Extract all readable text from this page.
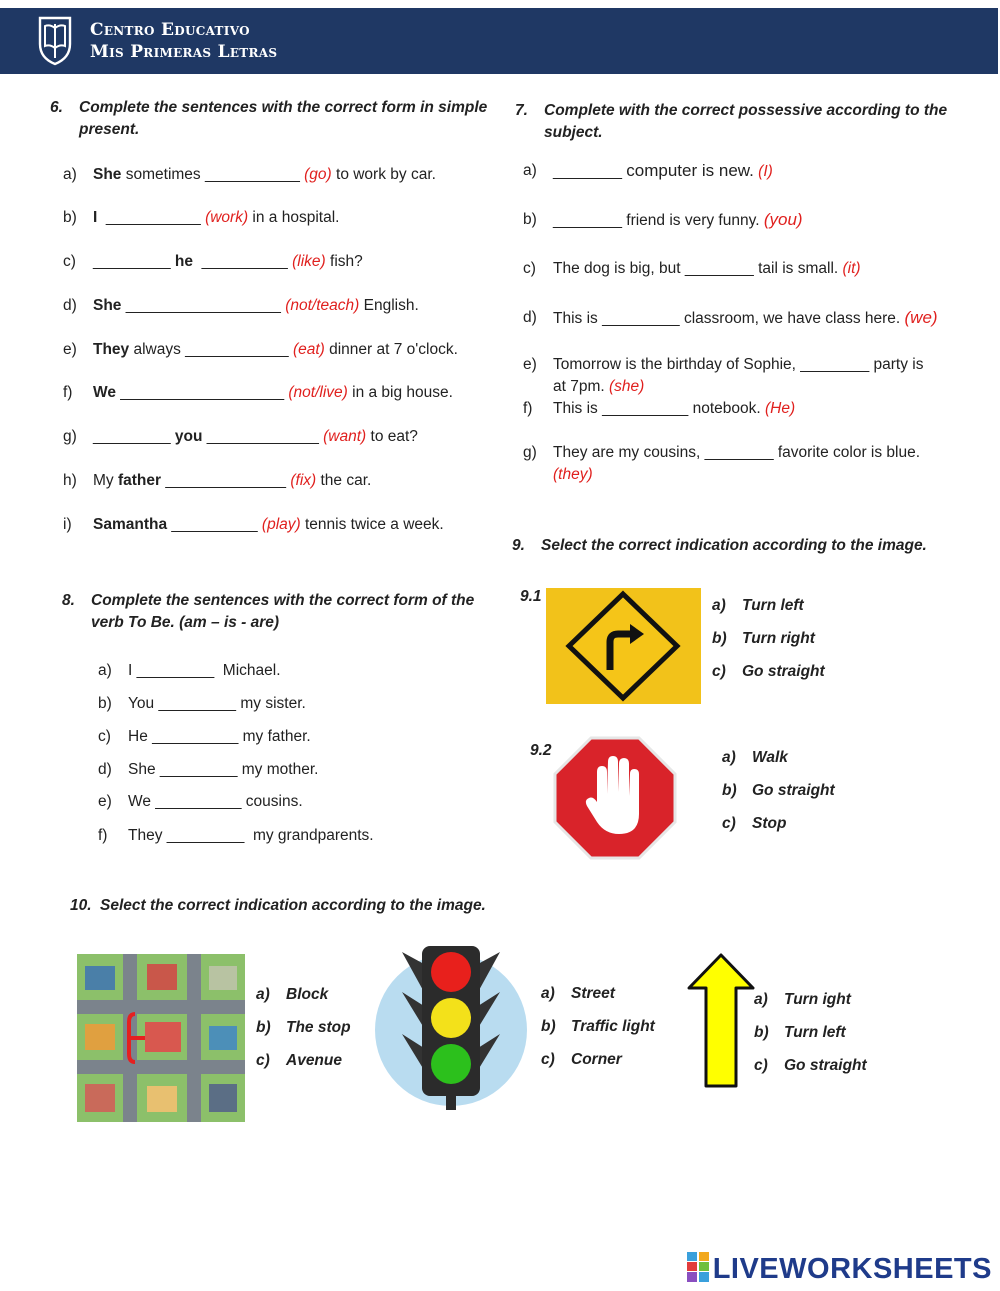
Centro Educativo
Mis Primeras Letras
6. Complete the sentences with the correct form in simple present.
a) She sometimes ___________ (go) to work by car.
b) I  ___________ (work) in a hospital.
c) _________ he  __________ (like) fish?
d) She __________________ (not/teach) English.
e) They always ____________ (eat) dinner at 7 o'clock.
f) We ___________________ (not/live) in a big house.
g) _________ you _____________ (want) to eat?
h) My father ______________ (fix) the car.
i) Samantha __________ (play) tennis twice a week.
7. Complete with the correct possessive according to the subject.
a) ________ computer is new. (I)
b) ________ friend is very funny. (you)
c) The dog is big, but ________ tail is small. (it)
d) This is _________ classroom, we have class here. (we)
e) Tomorrow is the birthday of Sophie, ________ party is
at 7pm. (she)
f) This is __________ notebook. (He)
g) They are my cousins, ________ favorite color is blue.
(they)
8. Complete the sentences with the correct form of the verb To Be. (am – is - are)
a) I _________  Michael.
b) You _________ my sister.
c) He __________ my father.
d) She _________ my mother.
e) We __________ cousins.
f) They _________  my grandparents.
9. Select the correct indication according to the image.
9.1
a) Turn left
b) Turn right
c) Go straight
9.2	a) Walk
b) Go straight
c) Stop
10. Select the correct indication according to the image.
a) Block
b) The stop
c) Avenue
a) Street
b) Traffic light
c) Corner
a) Turn ight
b) Turn left
c) Go straight
LIVEWORKSHEETS
